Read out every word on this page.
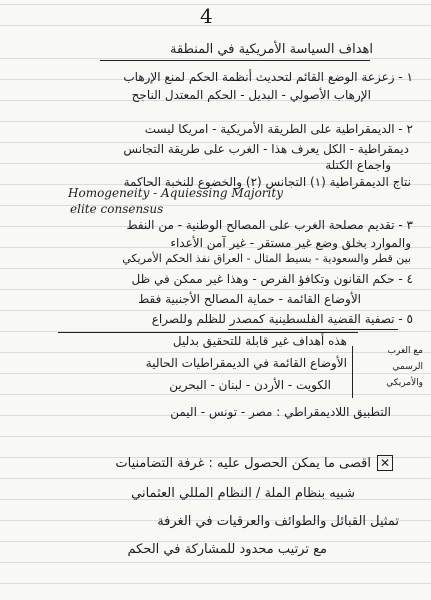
4
اهداف السياسة الأمريكية في المنطقة
١ - زعزعة الوضع القائم لتحديث أنظمة الحكم لمنع الإرهاب
الإرهاب الأصولي - البديل - الحكم المعتدل الناجح
٢ - الديمقراطية على الطريقة الأمريكية - امريكا ليست
ديمقراطية - الكل يعرف هذا - الغرب على طريقة التجانس
واجماع الكتلة
نتاج الديمقراطية (١) التجانس (٢) والخضوع للنخبة الحاكمة
Homogeneity - Aquiessing Majority
elite consensus
٣ - تقديم مصلحة الغرب على المصالح الوطنية - من النفط
والموارد بخلق وضع غير مستقر - غير آمن الأعداء
بين قطر والسعودية - بسيط المثال - العراق نفذ الحكم الأمريكي
٤ - حكم القانون وتكافؤ الفرص - وهذا غير ممكن في ظل
الأوضاع القائمة - حماية المصالح الأجنبية فقط
٥ - تصفية القضية الفلسطينية كمصدر للظلم وللصراع
هذه أهداف غير قابلة للتحقيق بدليل
مع الغرب
الرسمي
والأمريكي
الأوضاع القائمة في الديمقراطيات الحالية
الكويت - الأردن - لبنان - البحرين
التطبيق اللاديمقراطي : مصر - تونس - اليمن
✕
اقصى ما يمكن الحصول عليه : غرفة التضامنيات
شبيه بنظام الملة / النظام المللي العثماني
تمثيل القبائل والطوائف والعرقيات في الغرفة
مع ترتيب محدود للمشاركة في الحكم
